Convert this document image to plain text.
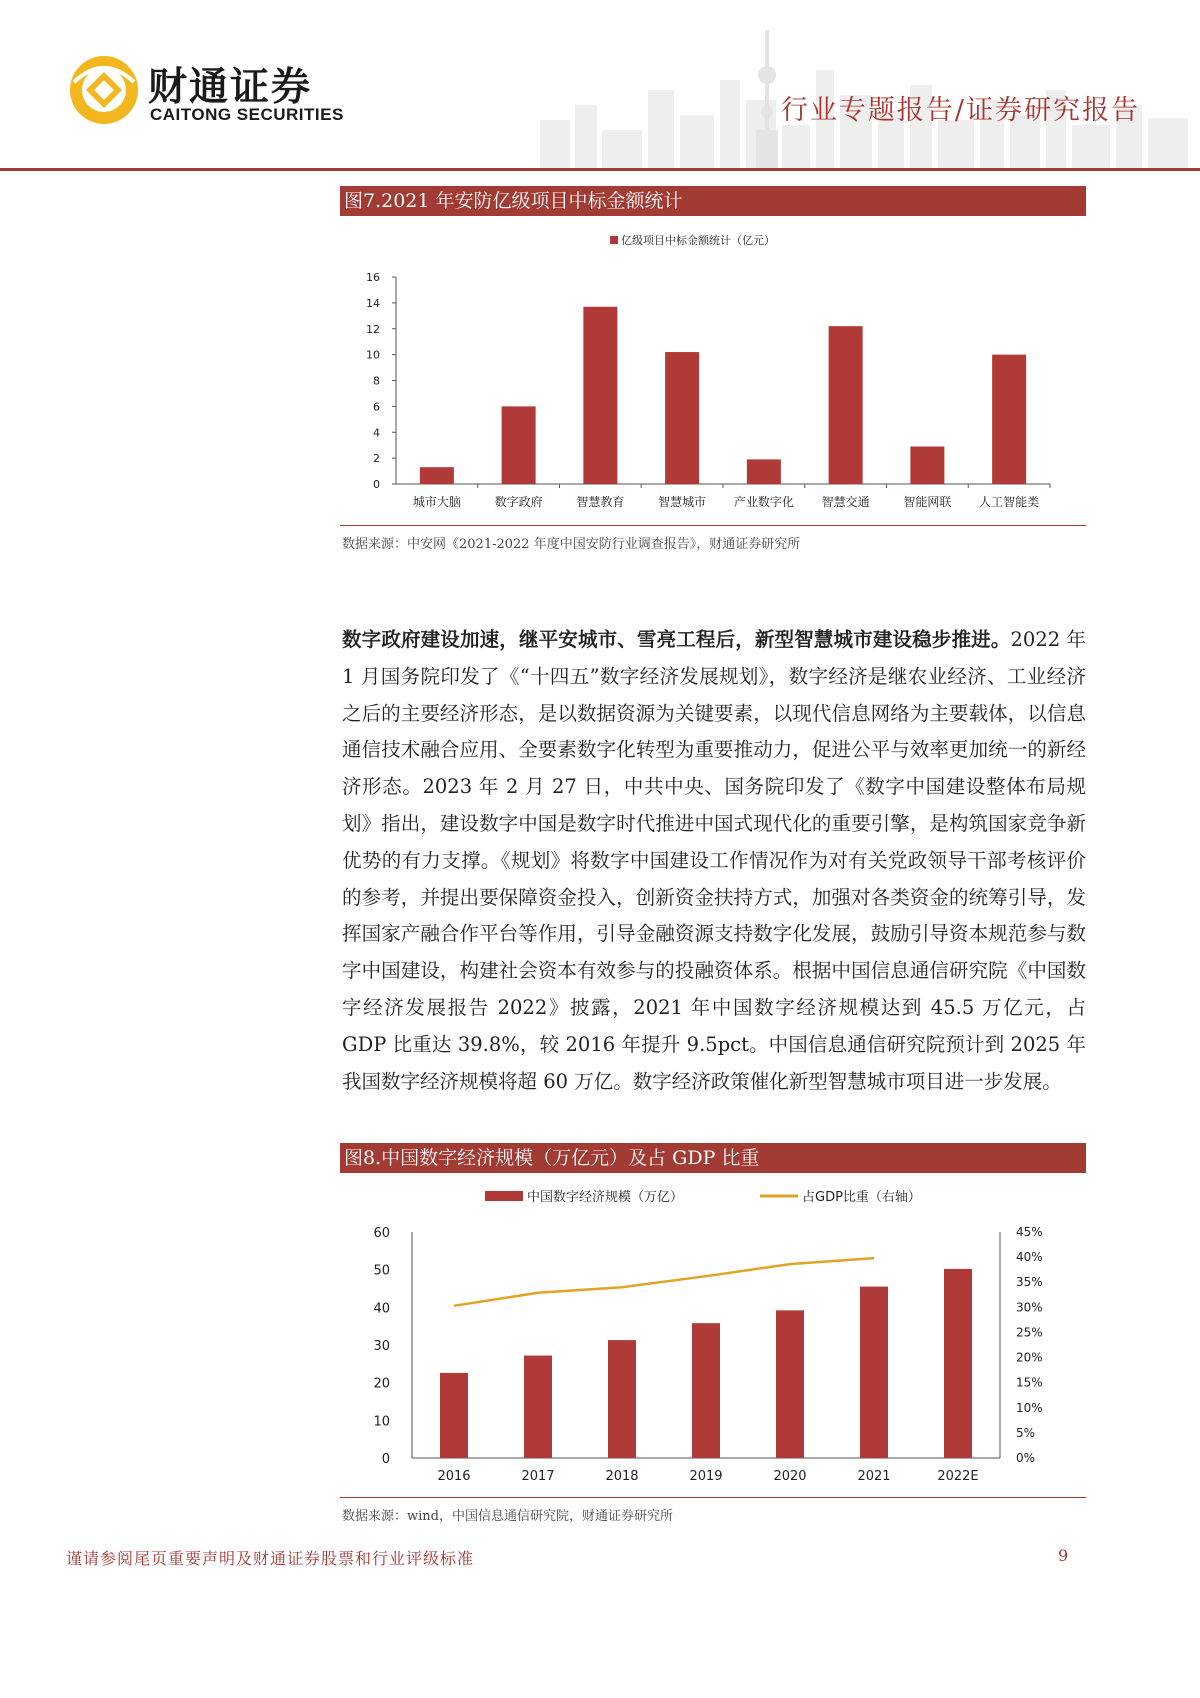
财通证券
CAITONG SECURITIES	行业专题报告/证券研究报告
图7.2021 年安防亿级项目中标金额统计
亿级项目中标金额统计（亿元）
0
2
4
6
8
10
12
14
16
城市大脑	数字政府	智慧教育	智慧城市 产业数字化 智慧交通	智能网联 人工智能类
数据来源：中安网《2021-2022 年度中国安防行业调查报告》，财通证券研究所

数字政府建设加速，继平安城市、雪亮工程后，新型智慧城市建设稳步推进。2022 年 1 月国务院印发了《“十四五”数字经济发展规划》，数字经济是继农业经济、工业经济之后的主要经济形态，是以数据资源为关键要素，以现代信息网络为主要载体，以信息通信技术融合应用、全要素数字化转型为重要推动力，促进公平与效率更加统一的新经济形态。2023 年 2 月 27 日，中共中央、国务院印发了《数字中国建设整体布局规划》指出，建设数字中国是数字时代推进中国式现代化的重要引擎，是构筑国家竞争新优势的有力支撑。《规划》将数字中国建设工作情况作为对有关党政领导干部考核评价的参考，并提出要保障资金投入，创新资金扶持方式，加强对各类资金的统筹引导，发挥国家产融合作平台等作用，引导金融资源支持数字化发展，鼓励引导资本规范参与数字中国建设，构建社会资本有效参与的投融资体系。根据中国信息通信研究院《中国数字经济发展报告 2022》披露，2021 年中国数字经济规模达到 45.5 万亿元，占 GDP 比重达 39.8%，较 2016 年提升 9.5pct。中国信息通信研究院预计到 2025 年我国数字经济规模将超 60 万亿。数字经济政策催化新型智慧城市项目进一步发展。

图8.中国数字经济规模（万亿元）及占 GDP 比重
中国数字经济规模（万亿）	占GDP比重（右轴）
0
10
20
30
40
50
60
0%
5%
10%
15%
20%
25%
30%
35%
40%
45%
2016	2017	2018	2019	2020	2021	2022E
数据来源：wind，中国信息通信研究院，财通证券研究所
谨请参阅尾页重要声明及财通证券股票和行业评级标准	9
